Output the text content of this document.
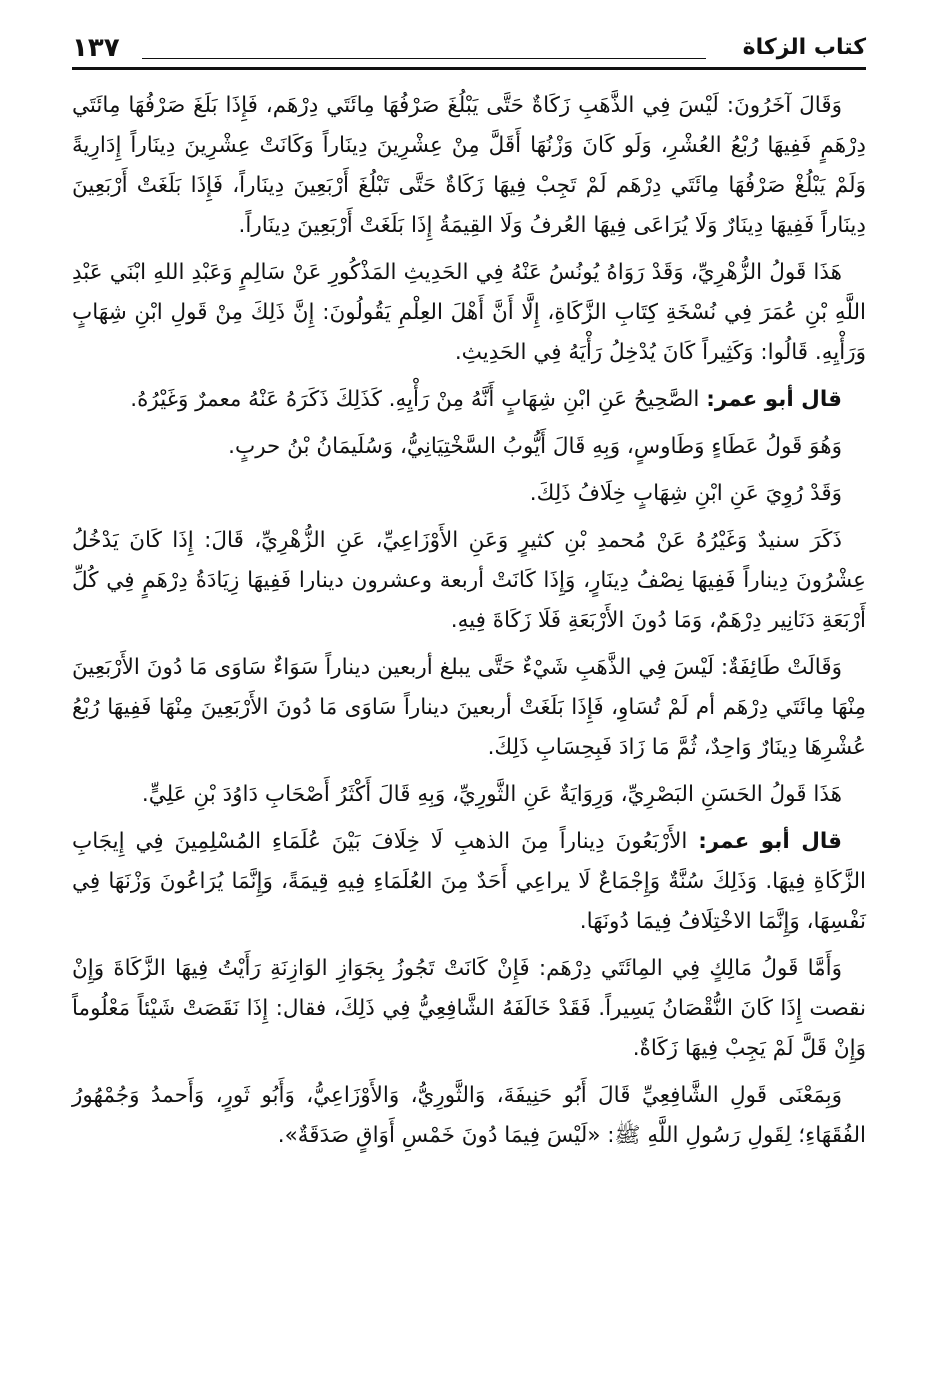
كتاب الزكاة
١٣٧

وَقَالَ آخَرُونَ: لَيْسَ فِي الذَّهَبِ زَكَاةٌ حَتَّى يَبْلُغَ صَرْفُهَا مِائَتَي دِرْهَم، فَإِذَا بَلَغَ صَرْفُهَا مِائَتَي دِرْهَمٍ فَفِيهَا رُبْعُ العُشْرِ، وَلَو كَانَ وَزْنُهَا أَقَلَّ مِنْ عِشْرِينَ دِينَاراً وَكَانَتْ عِشْرِينَ دِينَاراً إِدَارِيةً وَلَمْ يَبْلُغْ صَرْفُهَا مِائَتَي دِرْهَم لَمْ تَجِبْ فِيهَا زَكَاةٌ حَتَّى تَبْلُغَ أَرْبَعِينَ دِينَاراً، فَإِذَا بَلَغَتْ أَرْبَعِينَ دِينَاراً فَفِيهَا دِينَارٌ وَلَا يُرَاعَى فِيهَا العُرفُ وَلَا القِيمَةُ إِذَا بَلَغَتْ أَرْبَعِينَ دِينَاراً.

هَذَا قَولُ الزُّهْرِيِّ، وَقَدْ رَوَاهُ يُونُسُ عَنْهُ فِي الحَدِيثِ المَذْكُورِ عَنْ سَالِمٍ وَعَبْدِ اللهِ ابْنَي عَبْدِ اللَّهِ بْنِ عُمَرَ فِي نُسْخَةِ كِتَابِ الزَّكَاةِ، إِلَّا أَنَّ أَهْلَ العِلْمِ يَقُولُونَ: إِنَّ ذَلِكَ مِنْ قَولِ ابْنِ شِهَابٍ وَرَأْيِهِ. قَالُوا: وَكَثِيراً كَانَ يُدْخِلُ رَأْيَهُ فِي الحَدِيثِ.

قال أبو عمر: الصَّحِيحُ عَنِ ابْنِ شِهَابٍ أَنَّهُ مِنْ رَأْيِهِ. كَذَلِكَ ذَكَرَهُ عَنْهُ معمرٌ وَغَيْرُهُ.

وَهُوَ قَولُ عَطَاءٍ وَطَاوسٍ، وَبِهِ قَالَ أَيُّوبُ السَّخْتِيَانِيُّ، وَسُلَيمَانُ بْنُ حربٍ.

وَقَدْ رُوِيَ عَنِ ابْنِ شِهَابٍ خِلَافُ ذَلِكَ.

ذَكَرَ سنيدٌ وَغَيْرُهُ عَنْ مُحمدِ بْنِ كثيرٍ وَعَنِ الأَوْزَاعِيِّ، عَنِ الزُّهْرِيِّ، قَالَ: إِذَا كَانَ يَدْخُلُ عِشْرُونَ دِيناراً فَفِيهَا نِصْفُ دِينَارٍ، وَإِذَا كَانَتْ أربعة وعشرون دينارا فَفِيهَا زِيَادَةُ دِرْهَمٍ فِي كُلِّ أَرْبَعَةِ دَنَانِير دِرْهَمٌ، وَمَا دُونَ الأَرْبَعَةِ فَلَا زَكَاةَ فِيهِ.

وَقَالَتْ طَائِفَةٌ: لَيْسَ فِي الذَّهَبِ شَيْءٌ حَتَّى يبلغ أربعين ديناراً سَوَاءٌ سَاوَى مَا دُونَ الأَرْبَعِينَ مِنْهَا مِائَتَي دِرْهَم أم لَمْ تُسَاوِ، فَإِذَا بَلَغَتْ أربعينَ ديناراً سَاوَى مَا دُونَ الأَرْبَعِينَ مِنْهَا فَفِيهَا رُبْعُ عُشْرِهَا دِينَارٌ وَاحِدٌ، ثُمَّ مَا زَادَ فَبِحِسَابِ ذَلِكَ.

هَذَا قَولُ الحَسَنِ البَصْرِيِّ، وَرِوَايَةٌ عَنِ الثَّورِيِّ، وَبِهِ قَالَ أَكْثَرُ أَصْحَابِ دَاوُدَ بْنِ عَلِيٍّ.

قال أبو عمر: الأَرْبَعُونَ دِيناراً مِنَ الذهبِ لَا خِلَافَ بَيْنَ عُلَمَاءِ المُسْلِمِينَ فِي إِيجَابِ الزَّكَاةِ فِيهَا. وَذَلِكَ سُنَّةٌ وَإِجْمَاعٌ لَا يراعِي أَحَدٌ مِنَ العُلَمَاءِ فِيهِ قِيمَةً، وَإِنَّمَا يُرَاعُونَ وَزْنَهَا فِي نَفْسِهَا، وَإِنَّمَا الاخْتِلَافُ فِيمَا دُونَهَا.

وَأَمَّا قَولُ مَالِكٍ فِي المِائَتَي دِرْهَم: فَإِنْ كَانَتْ تَجُوزُ بِجَوَازِ الوَازِنَةِ رَأَيْتُ فِيهَا الزَّكَاةَ وَإِنْ نقصت إِذَا كَانَ النُّقْصَانُ يَسِيراً. فَقَدْ خَالَفَهُ الشَّافِعِيُّ فِي ذَلِكَ، فقال: إِذَا نَقَصَتْ شَيْئاً مَعْلُوماً وَإِنْ قَلَّ لَمْ يَجِبْ فِيهَا زَكَاةٌ.

وَبِمَعْنَى قَولِ الشَّافِعِيِّ قَالَ أَبُو حَنِيفَةَ، وَالثَّورِيُّ، وَالأَوْزَاعِيُّ، وَأَبُو ثَورٍ، وَأَحمدُ وَجُمْهُورُ الفُقَهَاءِ؛ لِقَولِ رَسُولِ اللَّهِ ﷺ: «لَيْسَ فِيمَا دُونَ خَمْسِ أَوَاقٍ صَدَقَةٌ».
